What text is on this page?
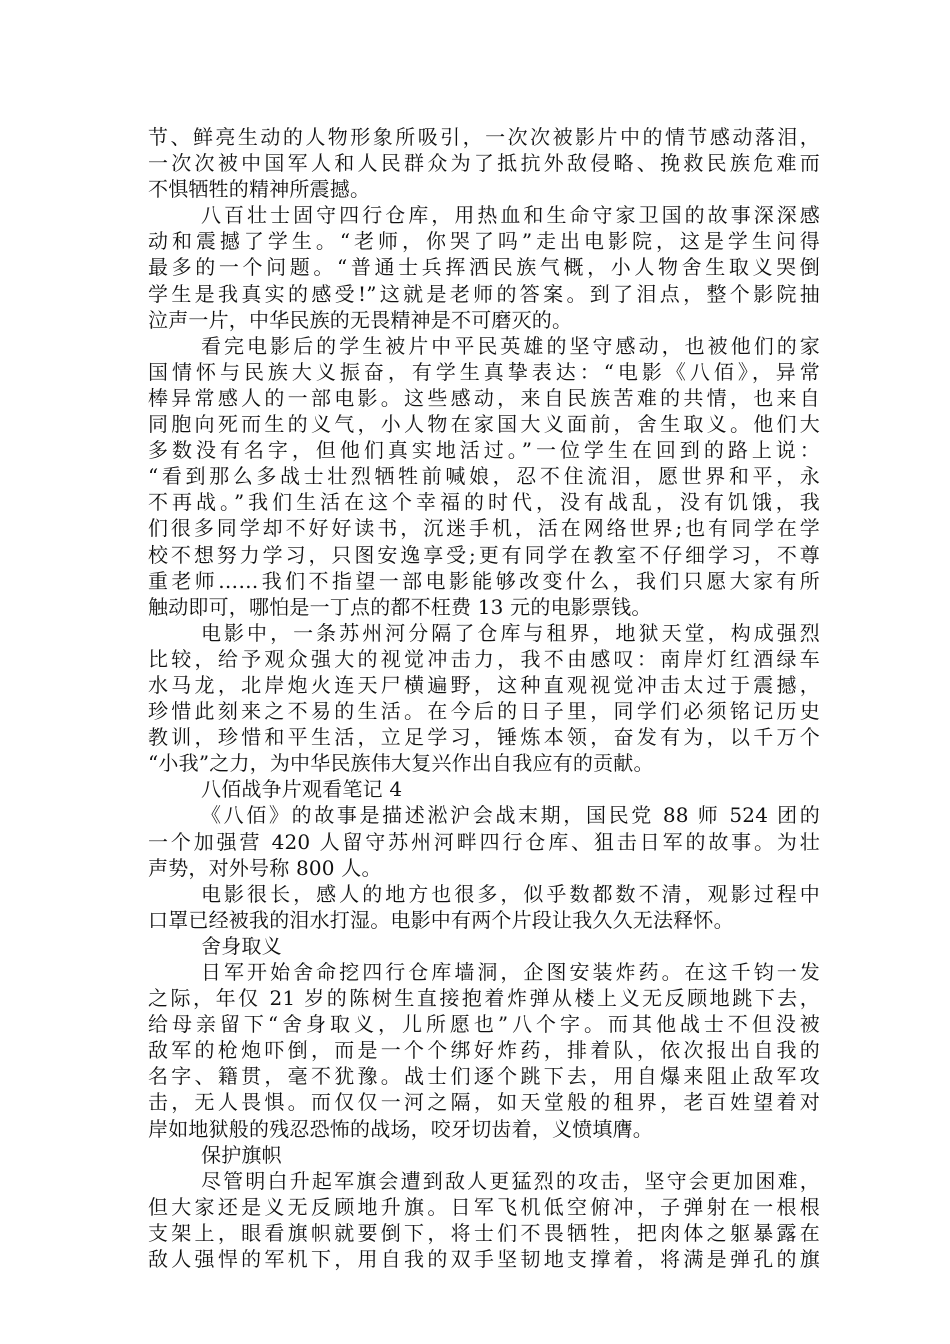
节、鲜亮生动的人物形象所吸引，一次次被影片中的情节感动落泪，
一次次被中国军人和人民群众为了抵抗外敌侵略、挽救民族危难而
不惧牺牲的精神所震撼。
八百壮士固守四行仓库，用热血和生命守家卫国的故事深深感
动和震撼了学生。“老师，你哭了吗”走出电影院，这是学生问得
最多的一个问题。“普通士兵挥洒民族气概，小人物舍生取义哭倒
学生是我真实的感受!”这就是老师的答案。到了泪点，整个影院抽
泣声一片，中华民族的无畏精神是不可磨灭的。
看完电影后的学生被片中平民英雄的坚守感动，也被他们的家
国情怀与民族大义振奋，有学生真挚表达：“电影《八佰》，异常
棒异常感人的一部电影。这些感动，来自民族苦难的共情，也来自
同胞向死而生的义气，小人物在家国大义面前，舍生取义。他们大
多数没有名字，但他们真实地活过。”一位学生在回到的路上说：
“看到那么多战士壮烈牺牲前喊娘，忍不住流泪，愿世界和平，永
不再战。”我们生活在这个幸福的时代，没有战乱，没有饥饿，我
们很多同学却不好好读书，沉迷手机，活在网络世界;也有同学在学
校不想努力学习，只图安逸享受;更有同学在教室不仔细学习，不尊
重老师……我们不指望一部电影能够改变什么，我们只愿大家有所
触动即可，哪怕是一丁点的都不枉费 13 元的电影票钱。
电影中，一条苏州河分隔了仓库与租界，地狱天堂，构成强烈
比较，给予观众强大的视觉冲击力，我不由感叹：南岸灯红酒绿车
水马龙，北岸炮火连天尸横遍野，这种直观视觉冲击太过于震撼，
珍惜此刻来之不易的生活。在今后的日子里，同学们必须铭记历史
教训，珍惜和平生活，立足学习，锤炼本领，奋发有为，以千万个
“小我”之力，为中华民族伟大复兴作出自我应有的贡献。
八佰战争片观看笔记 4
《八佰》的故事是描述淞沪会战末期，国民党 88 师 524 团的
一个加强营 420 人留守苏州河畔四行仓库、狙击日军的故事。为壮
声势，对外号称 800 人。
电影很长，感人的地方也很多，似乎数都数不清，观影过程中
口罩已经被我的泪水打湿。电影中有两个片段让我久久无法释怀。
舍身取义
日军开始舍命挖四行仓库墙洞，企图安装炸药。在这千钧一发
之际，年仅 21 岁的陈树生直接抱着炸弹从楼上义无反顾地跳下去，
给母亲留下“舍身取义，儿所愿也”八个字。而其他战士不但没被
敌军的枪炮吓倒，而是一个个绑好炸药，排着队，依次报出自我的
名字、籍贯，毫不犹豫。战士们逐个跳下去，用自爆来阻止敌军攻
击，无人畏惧。而仅仅一河之隔，如天堂般的租界，老百姓望着对
岸如地狱般的残忍恐怖的战场，咬牙切齿着，义愤填膺。
保护旗帜
尽管明白升起军旗会遭到敌人更猛烈的攻击，坚守会更加困难，
但大家还是义无反顾地升旗。日军飞机低空俯冲，子弹射在一根根
支架上，眼看旗帜就要倒下，将士们不畏牺牲，把肉体之躯暴露在
敌人强悍的军机下，用自我的双手坚韧地支撑着，将满是弹孔的旗
